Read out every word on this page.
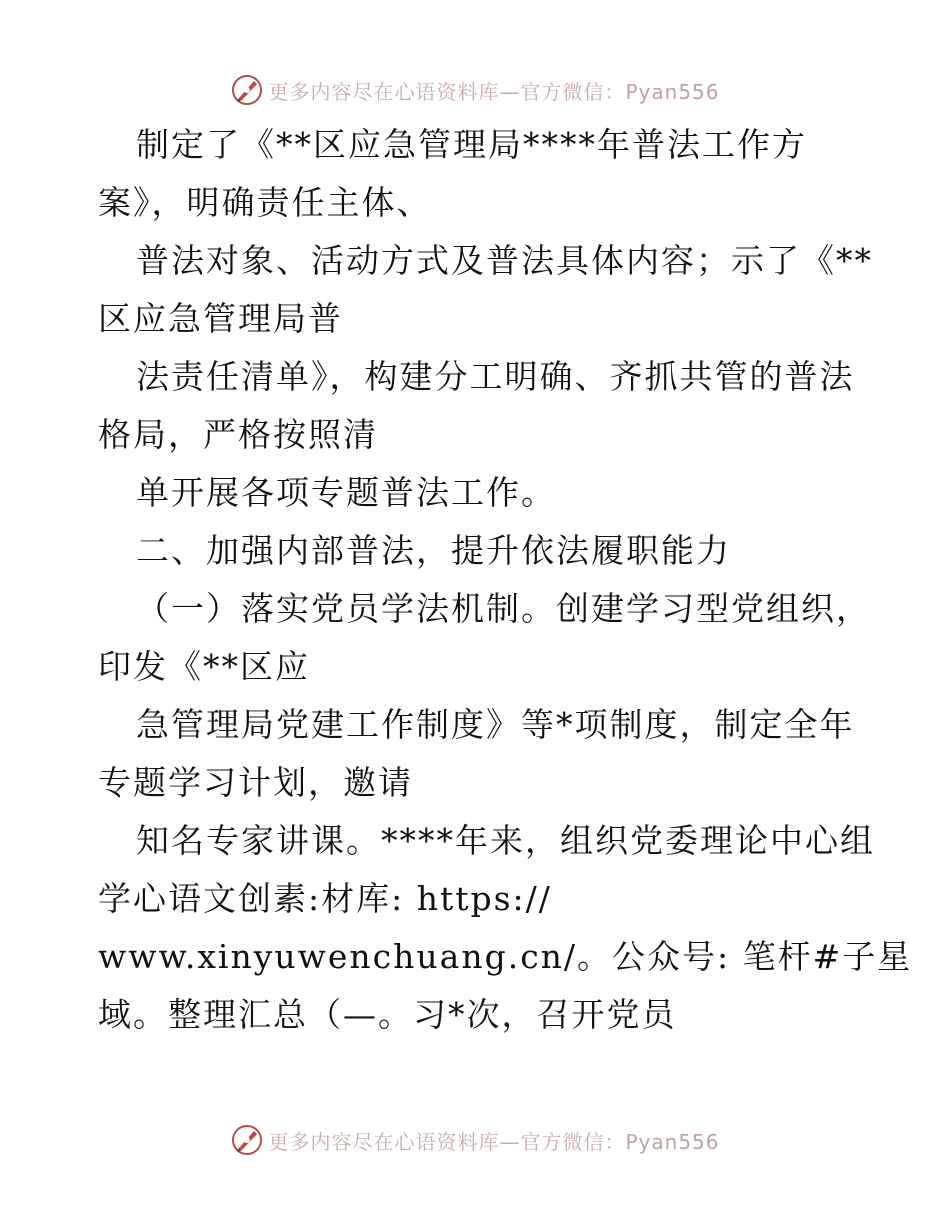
更多内容尽在心语资料库—官方微信：Pyan556
制定了《**区应急管理局****年普法工作方
案》，明确责任主体、
普法对象、活动方式及普法具体内容；示了《**
区应急管理局普
法责任清单》，构建分工明确、齐抓共管的普法
格局，严格按照清
单开展各项专题普法工作。
二、加强内部普法，提升依法履职能力
（一）落实党员学法机制。创建学习型党组织，
印发《**区应
急管理局党建工作制度》等*项制度，制定全年
专题学习计划，邀请
知名专家讲课。****年来，组织党委理论中心组
学心语文创素:材库: https://
www.xinyuwenchuang.cn/。公众号: 笔杆#子星
域。整理汇总（—。习*次，召开党员
更多内容尽在心语资料库—官方微信：Pyan556
